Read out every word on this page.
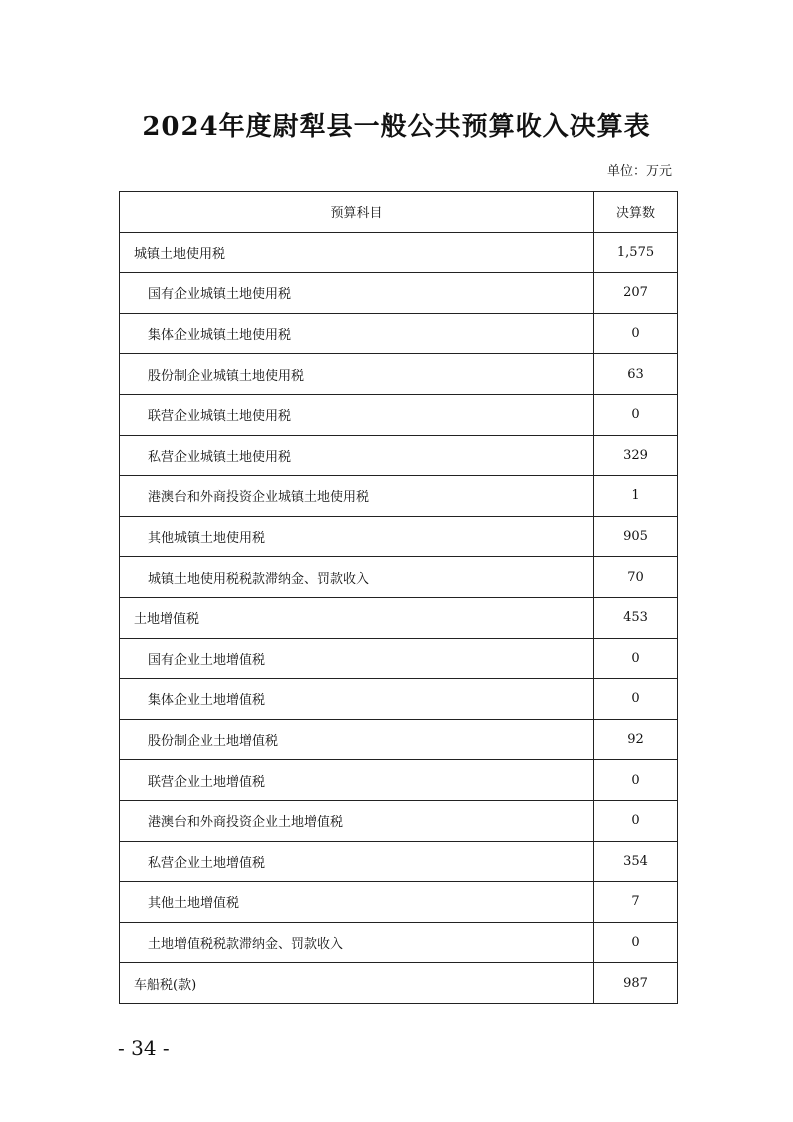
2024年度尉犁县一般公共预算收入决算表
单位：万元
预算科目	决算数
城镇土地使用税	1,575
国有企业城镇土地使用税	207
集体企业城镇土地使用税	0
股份制企业城镇土地使用税	63
联营企业城镇土地使用税	0
私营企业城镇土地使用税	329
港澳台和外商投资企业城镇土地使用税	1
其他城镇土地使用税	905
城镇土地使用税税款滞纳金、罚款收入	70
土地增值税	453
国有企业土地增值税	0
集体企业土地增值税	0
股份制企业土地增值税	92
联营企业土地增值税	0
港澳台和外商投资企业土地增值税	0
私营企业土地增值税	354
其他土地增值税	7
土地增值税税款滞纳金、罚款收入	0
车船税(款)	987
- 34 -
